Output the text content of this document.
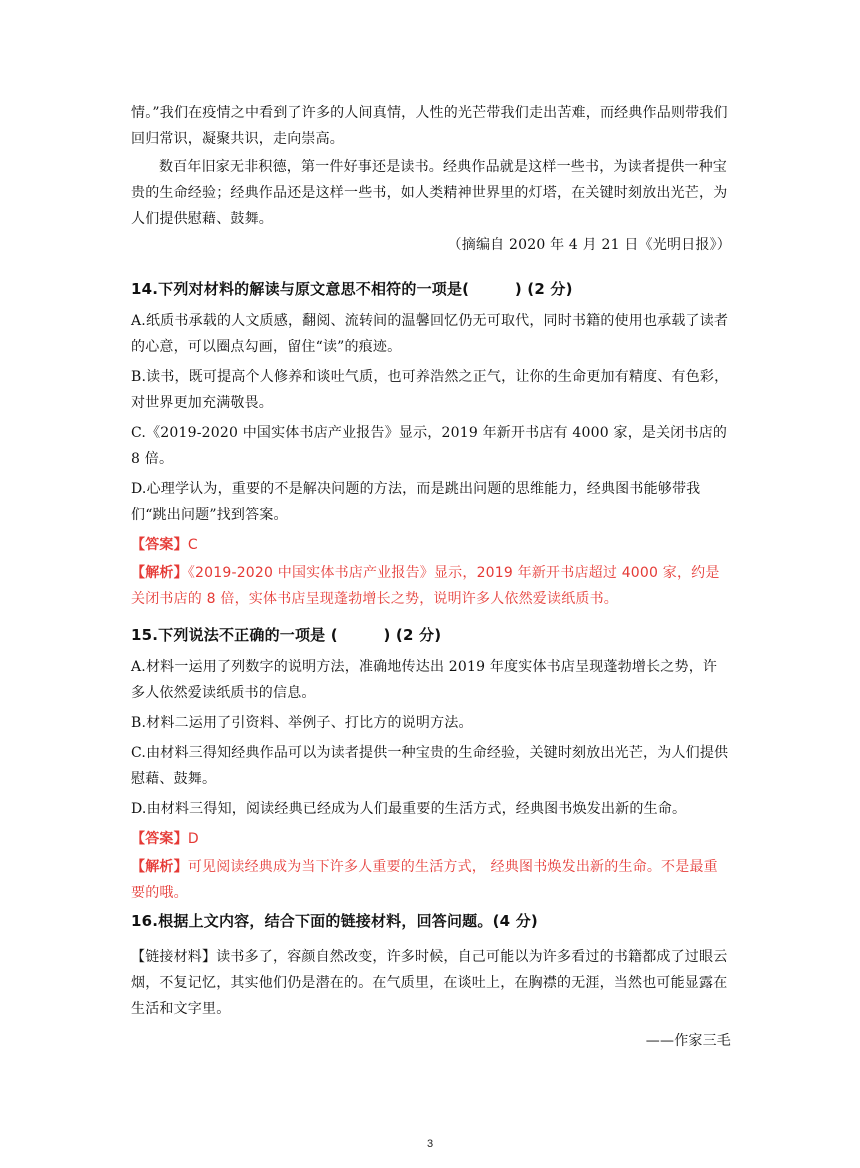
情。”我们在疫情之中看到了许多的人间真情，人性的光芒带我们走出苦难，而经典作品则带我们回归常识，凝聚共识，走向崇高。

数百年旧家无非积德，第一件好事还是读书。经典作品就是这样一些书，为读者提供一种宝贵的生命经验；经典作品还是这样一些书，如人类精神世界里的灯塔，在关键时刻放出光芒，为人们提供慰藉、鼓舞。

（摘编自 2020 年 4 月 21 日《光明日报》）

14.下列对材料的解读与原文意思不相符的一项是(　　　) (2 分)

A.纸质书承载的人文质感，翻阅、流转间的温馨回忆仍无可取代，同时书籍的使用也承载了读者的心意，可以圈点勾画，留住“读”的痕迹。

B.读书，既可提高个人修养和谈吐气质，也可养浩然之正气，让你的生命更加有精度、有色彩，对世界更加充满敬畏。

C.《2019-2020 中国实体书店产业报告》显示，2019 年新开书店有 4000 家，是关闭书店的 8 倍。

D.心理学认为，重要的不是解决问题的方法，而是跳出问题的思维能力，经典图书能够带我们“跳出问题”找到答案。

【答案】C

【解析】《2019-2020 中国实体书店产业报告》显示，2019 年新开书店超过 4000 家，约是关闭书店的 8 倍，实体书店呈现蓬勃增长之势，说明许多人依然爱读纸质书。

15.下列说法不正确的一项是 (　　　) (2 分)

A.材料一运用了列数字的说明方法，准确地传达出 2019 年度实体书店呈现蓬勃增长之势，许多人依然爱读纸质书的信息。

B.材料二运用了引资料、举例子、打比方的说明方法。

C.由材料三得知经典作品可以为读者提供一种宝贵的生命经验，关键时刻放出光芒，为人们提供慰藉、鼓舞。

D.由材料三得知，阅读经典已经成为人们最重要的生活方式，经典图书焕发出新的生命。

【答案】D

【解析】可见阅读经典成为当下许多人重要的生活方式， 经典图书焕发出新的生命。不是最重要的哦。

16.根据上文内容，结合下面的链接材料，回答问题。(4 分)

【链接材料】读书多了，容颜自然改变，许多时候，自己可能以为许多看过的书籍都成了过眼云烟，不复记忆，其实他们仍是潜在的。在气质里，在谈吐上，在胸襟的无涯，当然也可能显露在生活和文字里。

——作家三毛

3
